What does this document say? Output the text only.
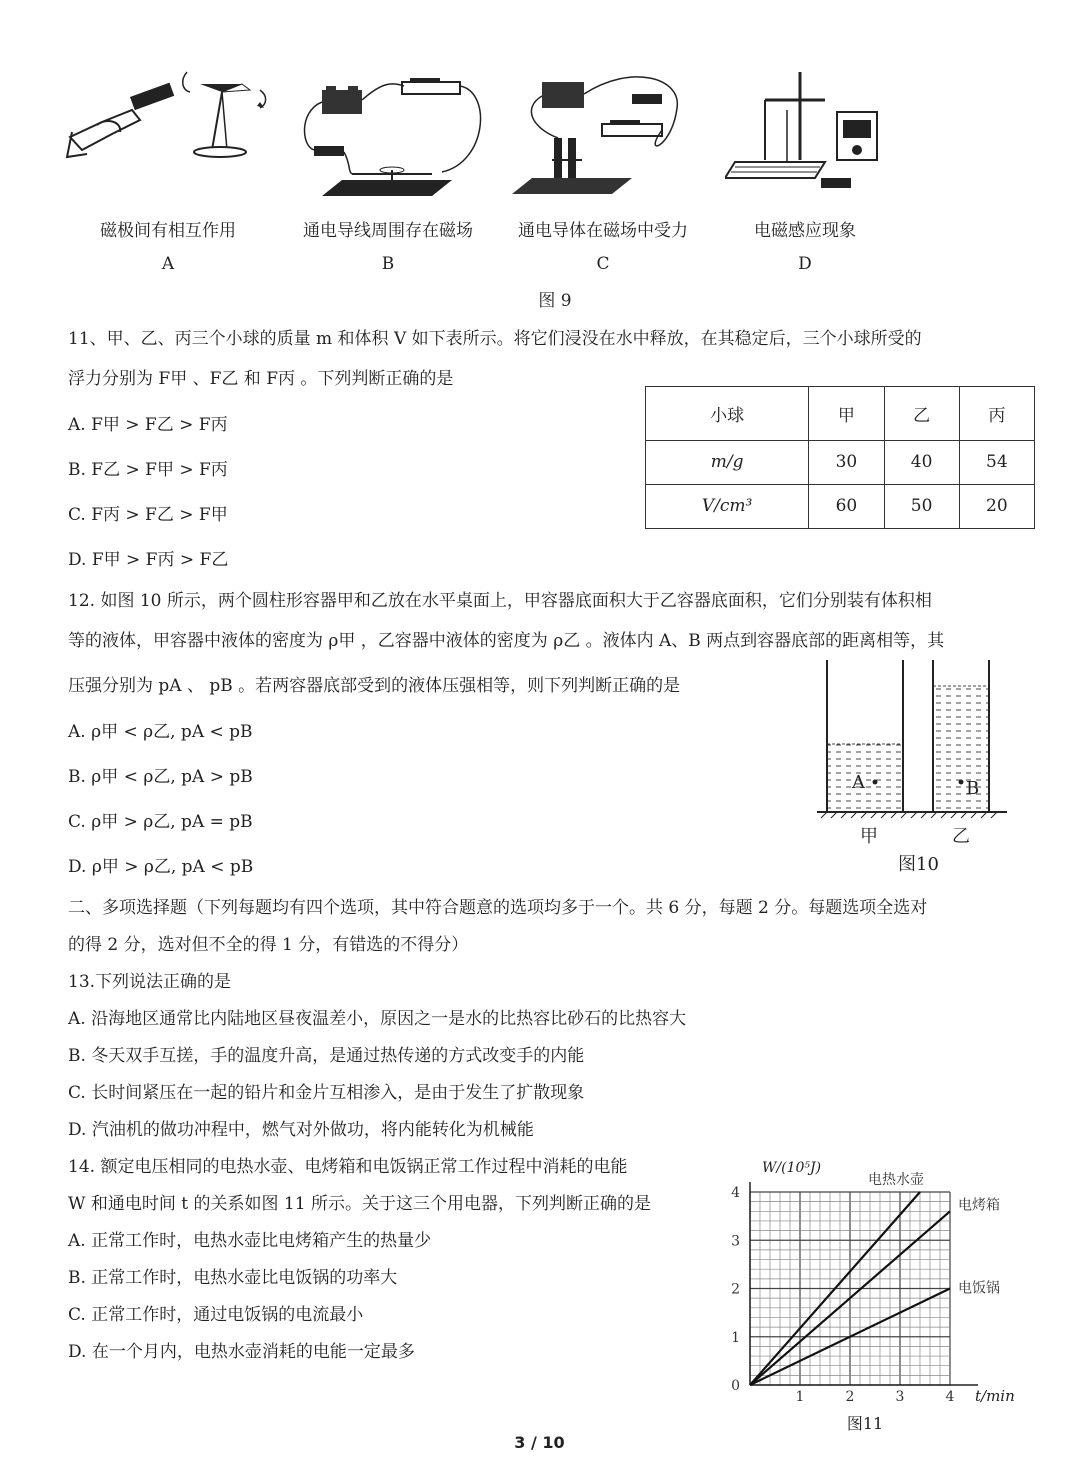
磁极间有相互作用	通电导线周围存在磁场	通电导体在磁场中受力	电磁感应现象
A	B	C	D
图 9
11、甲、乙、丙三个小球的质量 m 和体积 V 如下表所示。将它们浸没在水中释放，在其稳定后，三个小球所受的
浮力分别为 F甲 、F乙 和 F丙 。下列判断正确的是
A. F甲 > F乙 > F丙
B. F乙 > F甲 > F丙
C. F丙 > F乙 > F甲
D. F甲 > F丙 > F乙
小球	甲	乙	丙
m/g	30	40	54
V/cm³	60	50	20
12. 如图 10 所示，两个圆柱形容器甲和乙放在水平桌面上，甲容器底面积大于乙容器底面积，它们分别装有体积相
等的液体，甲容器中液体的密度为 ρ甲 ，乙容器中液体的密度为 ρ乙 。液体内 A、B 两点到容器底部的距离相等，其
压强分别为 pA 、 pB 。若两容器底部受到的液体压强相等，则下列判断正确的是
A. ρ甲 < ρ乙, pA < pB
B. ρ甲 < ρ乙, pA > pB
C. ρ甲 > ρ乙, pA = pB
D. ρ甲 > ρ乙, pA < pB
A	B
甲	乙
图10
二、多项选择题（下列每题均有四个选项，其中符合题意的选项均多于一个。共 6 分，每题 2 分。每题选项全选对
的得 2 分，选对但不全的得 1 分，有错选的不得分）
13.下列说法正确的是
A. 沿海地区通常比内陆地区昼夜温差小，原因之一是水的比热容比砂石的比热容大
B. 冬天双手互搓，手的温度升高，是通过热传递的方式改变手的内能
C. 长时间紧压在一起的铅片和金片互相渗入，是由于发生了扩散现象
D. 汽油机的做功冲程中，燃气对外做功，将内能转化为机械能
14. 额定电压相同的电热水壶、电烤箱和电饭锅正常工作过程中消耗的电能
W 和通电时间 t 的关系如图 11 所示。关于这三个用电器，下列判断正确的是
A. 正常工作时，电热水壶比电烤箱产生的热量少
B. 正常工作时，电热水壶比电饭锅的功率大
C. 正常工作时，通过电饭锅的电流最小
D. 在一个月内，电热水壶消耗的电能一定最多
1	2	3	4
1
2
3
4
0
t/min
W/(10⁵J)
电热水壶
电烤箱
电饭锅
图11
3 / 10
